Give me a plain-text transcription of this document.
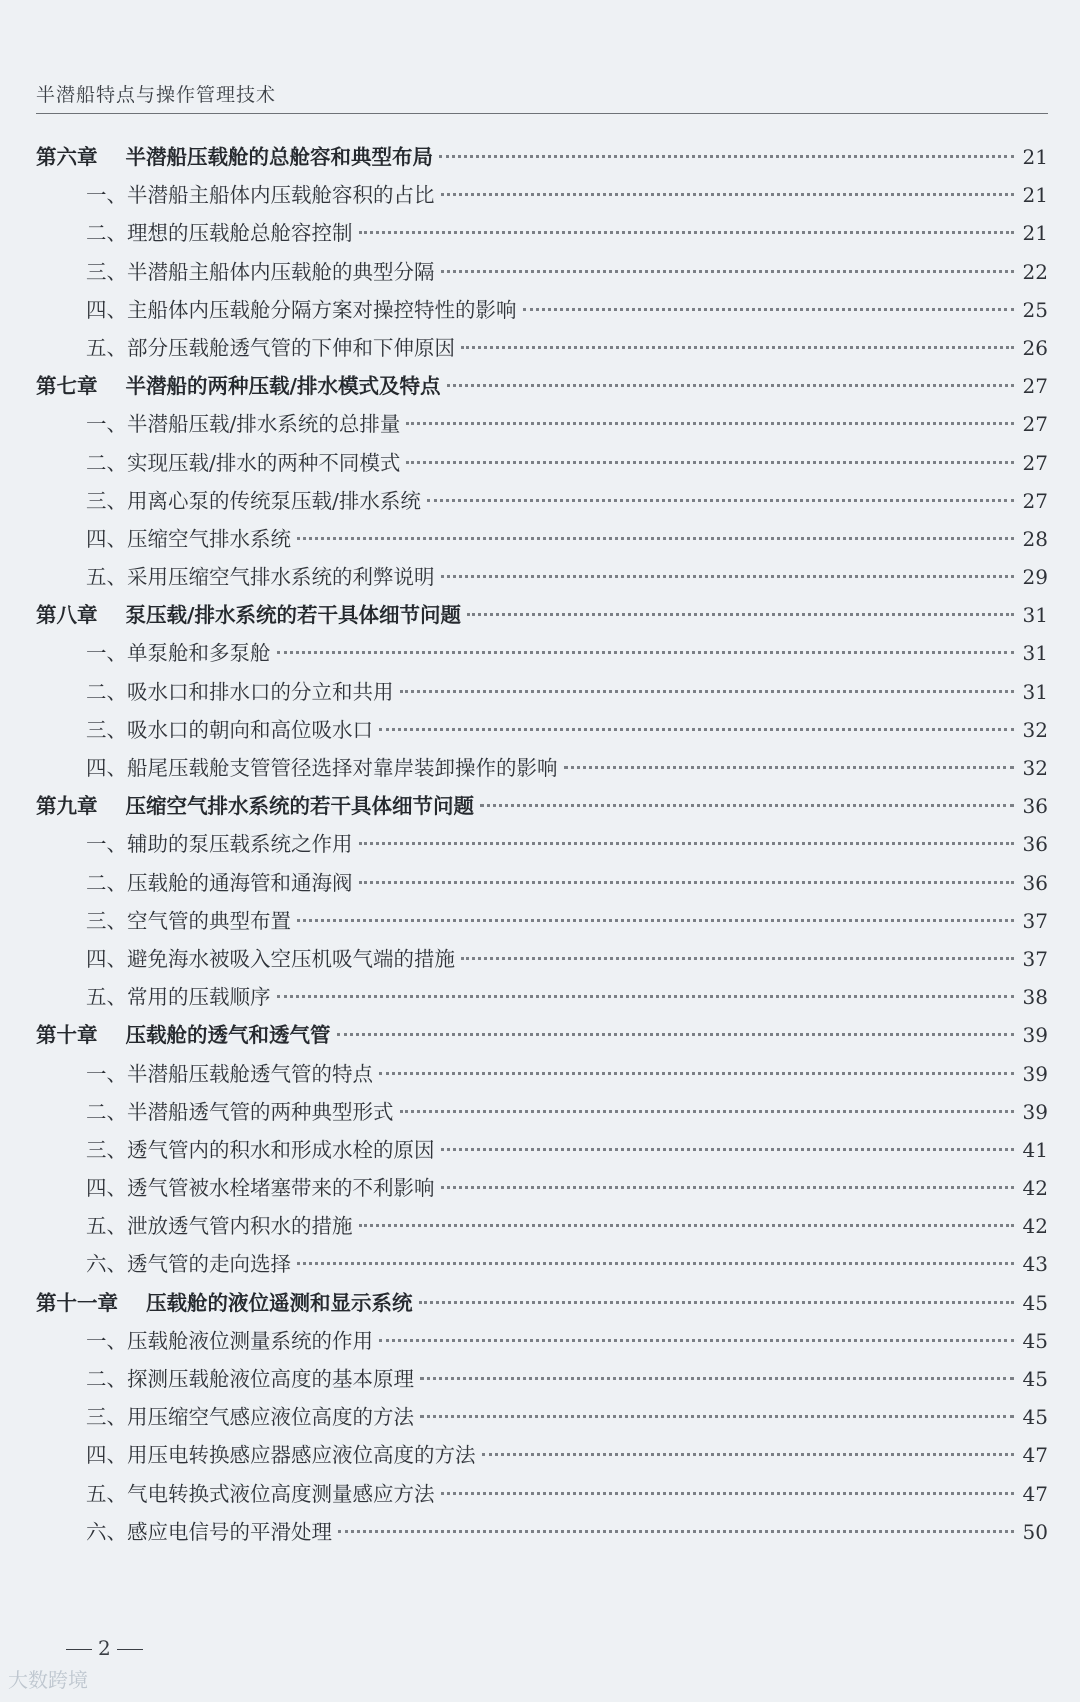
半潜船特点与操作管理技术
第六章 半潜船压载舱的总舱容和典型布局	21
一、半潜船主船体内压载舱容积的占比	21
二、理想的压载舱总舱容控制	21
三、半潜船主船体内压载舱的典型分隔	22
四、主船体内压载舱分隔方案对操控特性的影响	25
五、部分压载舱透气管的下伸和下伸原因	26
第七章 半潜船的两种压载/排水模式及特点	27
一、半潜船压载/排水系统的总排量	27
二、实现压载/排水的两种不同模式	27
三、用离心泵的传统泵压载/排水系统	27
四、压缩空气排水系统	28
五、采用压缩空气排水系统的利弊说明	29
第八章 泵压载/排水系统的若干具体细节问题	31
一、单泵舱和多泵舱	31
二、吸水口和排水口的分立和共用	31
三、吸水口的朝向和高位吸水口	32
四、船尾压载舱支管管径选择对靠岸装卸操作的影响	32
第九章 压缩空气排水系统的若干具体细节问题	36
一、辅助的泵压载系统之作用	36
二、压载舱的通海管和通海阀	36
三、空气管的典型布置	37
四、避免海水被吸入空压机吸气端的措施	37
五、常用的压载顺序	38
第十章 压载舱的透气和透气管	39
一、半潜船压载舱透气管的特点	39
二、半潜船透气管的两种典型形式	39
三、透气管内的积水和形成水栓的原因	41
四、透气管被水栓堵塞带来的不利影响	42
五、泄放透气管内积水的措施	42
六、透气管的走向选择	43
第十一章 压载舱的液位遥测和显示系统	45
一、压载舱液位测量系统的作用	45
二、探测压载舱液位高度的基本原理	45
三、用压缩空气感应液位高度的方法	45
四、用压电转换感应器感应液位高度的方法	47
五、气电转换式液位高度测量感应方法	47
六、感应电信号的平滑处理	50
2
大数跨境
